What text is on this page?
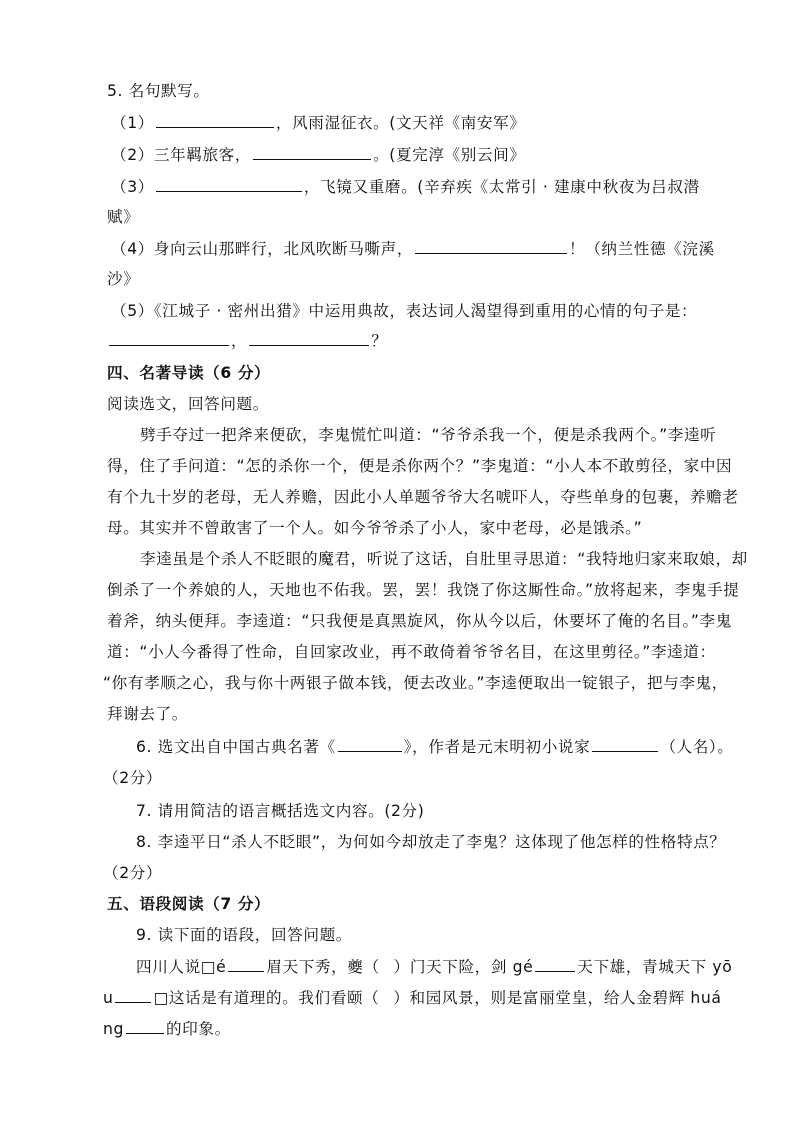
5. 名句默写。
（1）	，风雨湿征衣。(文天祥《南安军》
（2）三年羁旅客，	。(夏完淳《别云间》
（3）	，飞镜又重磨。(辛弃疾《太常引 · 建康中秋夜为吕叔潜
赋》
（4）身向云山那畔行，北风吹断马嘶声，	！（纳兰性德《浣溪
沙》
（5）《江城子 · 密州出猎》中运用典故，表达词人渴望得到重用的心情的句子是：
，	？
四、名著导读（6 分）
阅读选文，回答问题。
劈手夺过一把斧来便砍，李鬼慌忙叫道：“爷爷杀我一个，便是杀我两个。”李逵听
得，住了手问道：“怎的杀你一个，便是杀你两个？”李鬼道：“小人本不敢剪径，家中因
有个九十岁的老母，无人养赡，因此小人单题爷爷大名唬吓人，夺些单身的包裹，养赡老
母。其实并不曾敢害了一个人。如今爷爷杀了小人，家中老母，必是饿杀。”
李逵虽是个杀人不眨眼的魔君，听说了这话，自肚里寻思道：“我特地归家来取娘，却
倒杀了一个养娘的人，天地也不佑我。罢，罢！我饶了你这厮性命。”放将起来，李鬼手提
着斧，纳头便拜。李逵道：“只我便是真黑旋风，你从今以后，休要坏了俺的名目。”李鬼
道：“小人今番得了性命，自回家改业，再不敢倚着爷爷名目，在这里剪径。”李逵道：
“你有孝顺之心，我与你十两银子做本钱，便去改业。”李逵便取出一锭银子，把与李鬼，
拜谢去了。
6. 选文出自中国古典名著《	》，作者是元末明初小说家	（人名）。
（2分）
7. 请用简洁的语言概括选文内容。(2分)
8. 李逵平日“杀人不眨眼”，为何如今却放走了李鬼？这体现了他怎样的性格特点？
（2分）
五、语段阅读（7 分）
9. 读下面的语段，回答问题。
四川人说□é	眉天下秀，夔（ ）门天下险，剑 gé	天下雄，青城天下 yō
u	□这话是有道理的。我们看颐（ ）和园风景，则是富丽堂皇，给人金碧辉 huá
ng	的印象。
